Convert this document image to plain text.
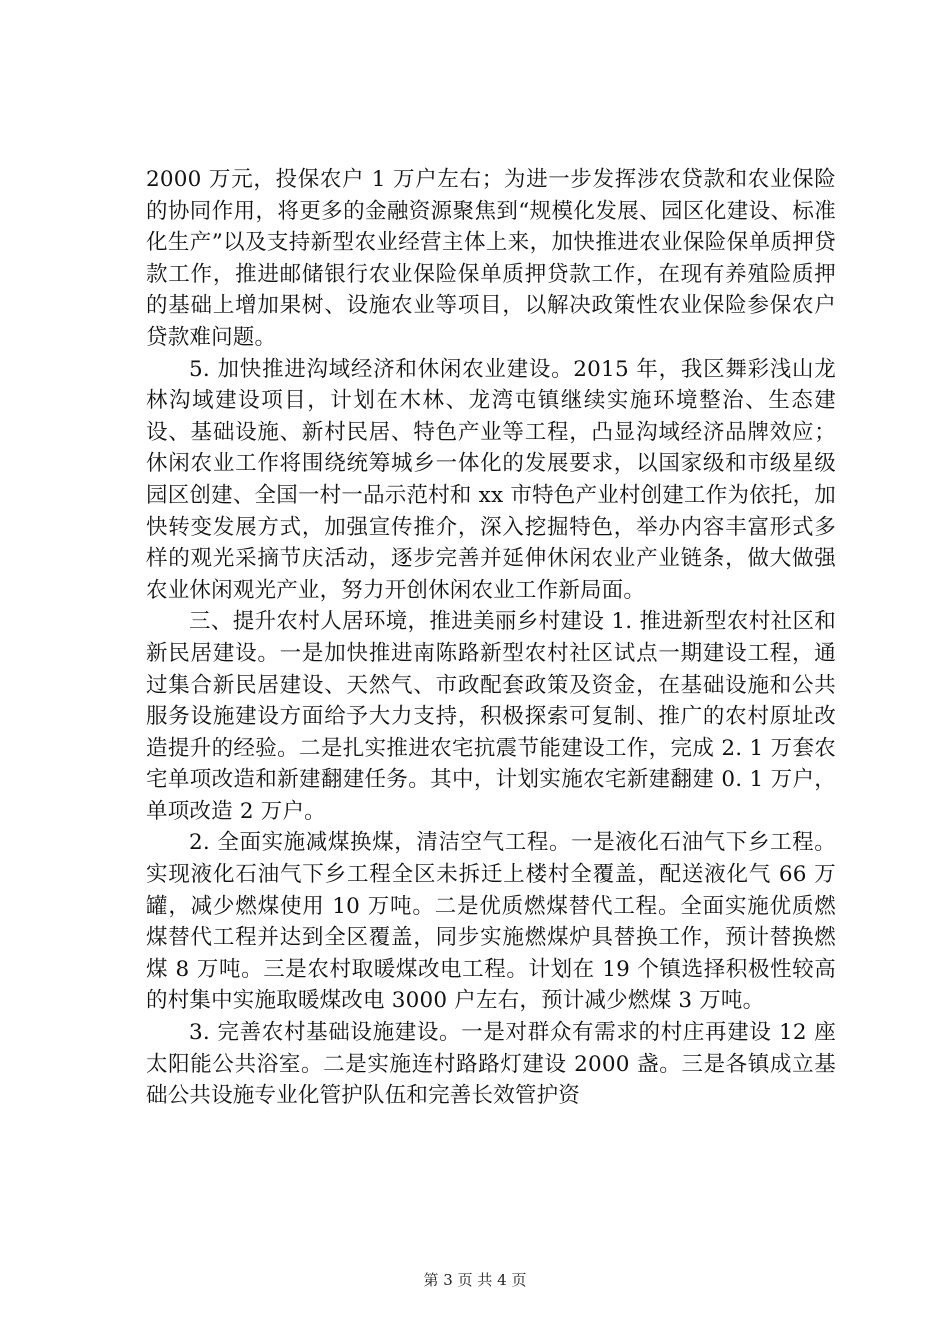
2000 万元，投保农户 1 万户左右；为进一步发挥涉农贷款和农业保险的协同作用，将更多的金融资源聚焦到“规模化发展、园区化建设、标准化生产”以及支持新型农业经营主体上来，加快推进农业保险保单质押贷款工作，推进邮储银行农业保险保单质押贷款工作，在现有养殖险质押的基础上增加果树、设施农业等项目，以解决政策性农业保险参保农户贷款难问题。

5. 加快推进沟域经济和休闲农业建设。2015 年，我区舞彩浅山龙林沟域建设项目，计划在木林、龙湾屯镇继续实施环境整治、生态建设、基础设施、新村民居、特色产业等工程，凸显沟域经济品牌效应；休闲农业工作将围绕统筹城乡一体化的发展要求，以国家级和市级星级园区创建、全国一村一品示范村和 xx 市特色产业村创建工作为依托，加快转变发展方式，加强宣传推介，深入挖掘特色，举办内容丰富形式多样的观光采摘节庆活动，逐步完善并延伸休闲农业产业链条，做大做强农业休闲观光产业，努力开创休闲农业工作新局面。

三、提升农村人居环境，推进美丽乡村建设 1. 推进新型农村社区和新民居建设。一是加快推进南陈路新型农村社区试点一期建设工程，通过集合新民居建设、天然气、市政配套政策及资金，在基础设施和公共服务设施建设方面给予大力支持，积极探索可复制、推广的农村原址改造提升的经验。二是扎实推进农宅抗震节能建设工作，完成 2. 1 万套农宅单项改造和新建翻建任务。其中，计划实施农宅新建翻建 0. 1 万户，单项改造 2 万户。

2. 全面实施减煤换煤，清洁空气工程。一是液化石油气下乡工程。实现液化石油气下乡工程全区未拆迁上楼村全覆盖，配送液化气 66 万罐，减少燃煤使用 10 万吨。二是优质燃煤替代工程。全面实施优质燃煤替代工程并达到全区覆盖，同步实施燃煤炉具替换工作，预计替换燃煤 8 万吨。三是农村取暖煤改电工程。计划在 19 个镇选择积极性较高的村集中实施取暖煤改电 3000 户左右，预计减少燃煤 3 万吨。

3. 完善农村基础设施建设。一是对群众有需求的村庄再建设 12 座太阳能公共浴室。二是实施连村路路灯建设 2000 盏。三是各镇成立基础公共设施专业化管护队伍和完善长效管护资

第 3 页 共 4 页
